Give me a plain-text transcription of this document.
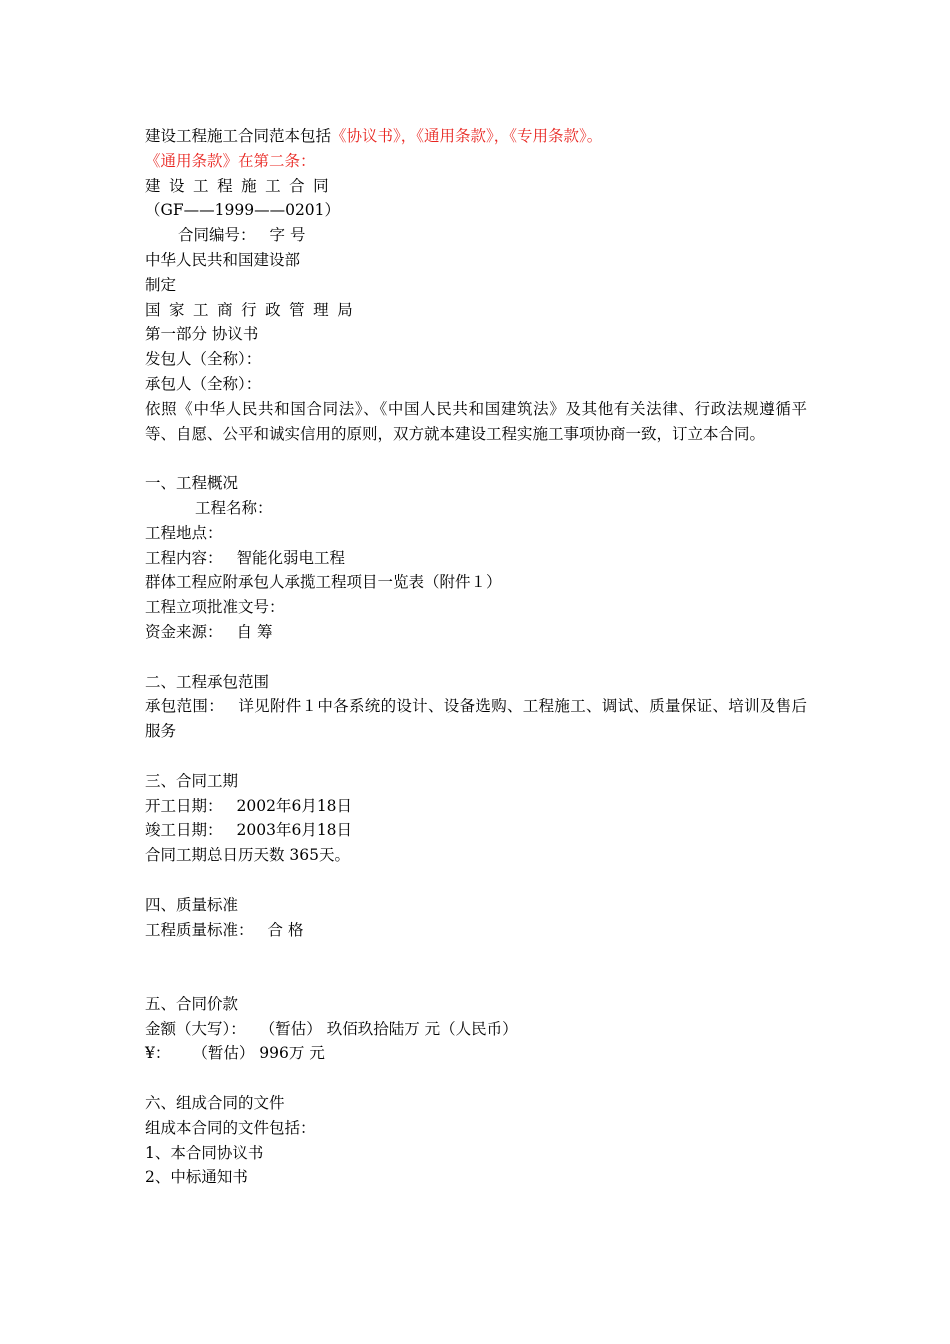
建设工程施工合同范本包括《协议书》，《通用条款》，《专用条款》。
《通用条款》在第二条：
建设工程施工合同
（GF——1999——0201）
合同编号： 字 号
中华人民共和国建设部
制定
国家工商行政管理局
第一部分 协议书
发包人（全称）：
承包人（全称）：
依照《中华人民共和国合同法》、《中国人民共和国建筑法》及其他有关法律、行政法规遵循平等、自愿、公平和诚实信用的原则，双方就本建设工程实施工事项协商一致，订立本合同。
一、工程概况
工程名称：
工程地点：
工程内容： 智能化弱电工程
群体工程应附承包人承揽工程项目一览表（附件１）
工程立项批准文号：
资金来源： 自 筹
二、工程承包范围
承包范围： 详见附件１中各系统的设计、设备选购、工程施工、调试、质量保证、培训及售后服务
三、合同工期
开工日期： 2002年6月18日
竣工日期： 2003年6月18日
合同工期总日历天数 365天。
四、质量标准
工程质量标准： 合 格
五、合同价款
金额（大写）： （暂估） 玖佰玖拾陆万 元（人民币）
¥： （暂估） 996万 元
六、组成合同的文件
组成本合同的文件包括：
1、本合同协议书
2、中标通知书
